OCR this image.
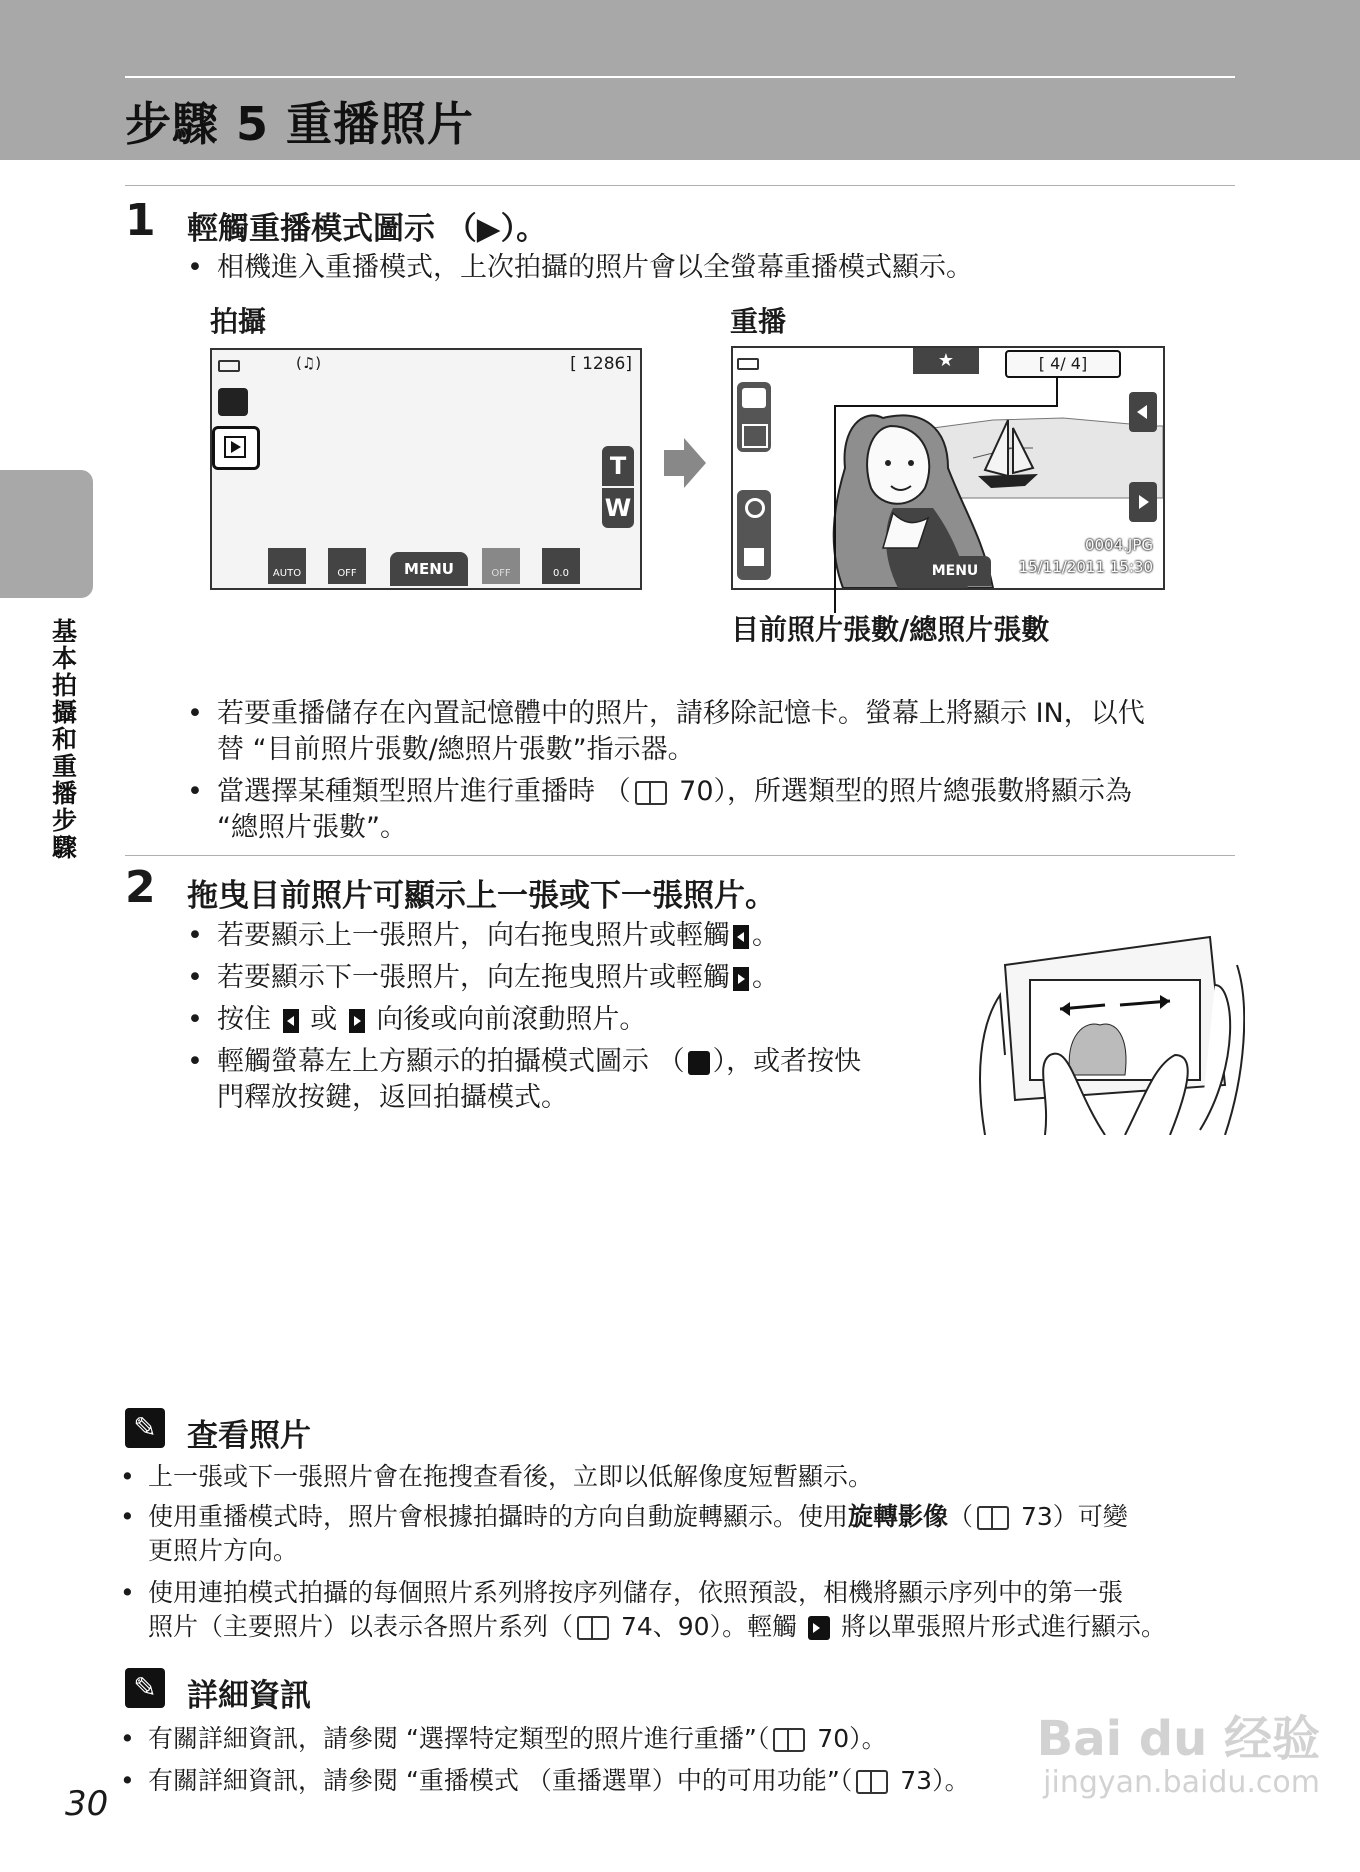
步驟 5 重播照片
基本拍攝和重播步驟
1 輕觸重播模式圖示 （▶）。
• 相機進入重播模式，上次拍攝的照片會以全螢幕重播模式顯示。
拍攝	重播
(♫)	[ 1286]
T
W
AUTO	OFF	MENU	OFF	0.0
★	[ 4/ 4]
MENU
0004.JPG
15/11/2011 15:30
目前照片張數/總照片張數
• 若要重播儲存在內置記憶體中的照片，請移除記憶卡。螢幕上將顯示 IN，以代
替 “目前照片張數/總照片張數”指示器。
• 當選擇某種類型照片進行重播時 （ 70），所選類型的照片總張數將顯示為
“總照片張數”。
2 拖曳目前照片可顯示上一張或下一張照片。
• 若要顯示上一張照片，向右拖曳照片或輕觸 。
• 若要顯示下一張照片，向左拖曳照片或輕觸 。
• 按住 或 向後或向前滾動照片。
• 輕觸螢幕左上方顯示的拍攝模式圖示 （ ），或者按快
門釋放按鍵，返回拍攝模式。
✎ 查看照片
• 上一張或下一張照片會在拖搜查看後，立即以低解像度短暫顯示。
• 使用重播模式時，照片會根據拍攝時的方向自動旋轉顯示。使用旋轉影像（ 73）可變
更照片方向。
• 使用連拍模式拍攝的每個照片系列將按序列儲存，依照預設，相機將顯示序列中的第一張
照片（主要照片）以表示各照片系列（ 74、90）。輕觸 將以單張照片形式進行顯示。
✎ 詳細資訊
• 有關詳細資訊，請參閱 “選擇特定類型的照片進行重播”（ 70）。
• 有關詳細資訊，請參閱 “重播模式 （重播選單）中的可用功能”（ 73）。
30
Bai du 经验
jingyan.baidu.com
